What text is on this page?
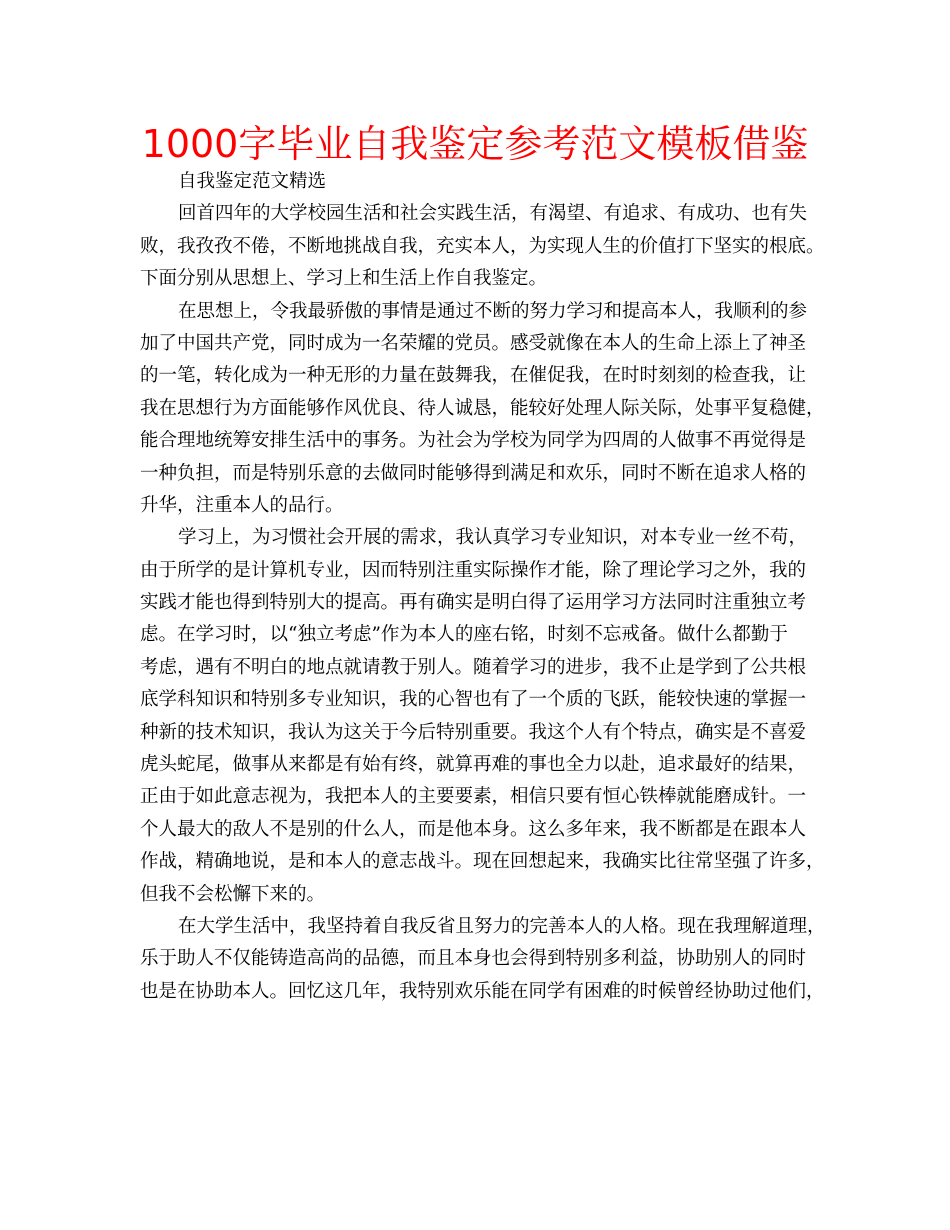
1000字毕业自我鉴定参考范文模板借鉴
自我鉴定范文精选
回首四年的大学校园生活和社会实践生活，有渴望、有追求、有成功、也有失
败，我孜孜不倦，不断地挑战自我，充实本人，为实现人生的价值打下坚实的根底。
下面分别从思想上、学习上和生活上作自我鉴定。
在思想上，令我最骄傲的事情是通过不断的努力学习和提高本人，我顺利的参
加了中国共产党，同时成为一名荣耀的党员。感受就像在本人的生命上添上了神圣
的一笔，转化成为一种无形的力量在鼓舞我，在催促我，在时时刻刻的检查我，让
我在思想行为方面能够作风优良、待人诚恳，能较好处理人际关际，处事平复稳健，
能合理地统筹安排生活中的事务。为社会为学校为同学为四周的人做事不再觉得是
一种负担，而是特别乐意的去做同时能够得到满足和欢乐，同时不断在追求人格的
升华，注重本人的品行。
学习上，为习惯社会开展的需求，我认真学习专业知识，对本专业一丝不苟，
由于所学的是计算机专业，因而特别注重实际操作才能，除了理论学习之外，我的
实践才能也得到特别大的提高。再有确实是明白得了运用学习方法同时注重独立考
虑。在学习时，以“独立考虑”作为本人的座右铭，时刻不忘戒备。做什么都勤于
考虑，遇有不明白的地点就请教于别人。随着学习的进步，我不止是学到了公共根
底学科知识和特别多专业知识，我的心智也有了一个质的飞跃，能较快速的掌握一
种新的技术知识，我认为这关于今后特别重要。我这个人有个特点，确实是不喜爱
虎头蛇尾，做事从来都是有始有终，就算再难的事也全力以赴，追求最好的结果，
正由于如此意志视为，我把本人的主要要素，相信只要有恒心铁棒就能磨成针。一
个人最大的敌人不是别的什么人，而是他本身。这么多年来，我不断都是在跟本人
作战，精确地说，是和本人的意志战斗。现在回想起来，我确实比往常坚强了许多，
但我不会松懈下来的。
在大学生活中，我坚持着自我反省且努力的完善本人的人格。现在我理解道理，
乐于助人不仅能铸造高尚的品德，而且本身也会得到特别多利益，协助别人的同时
也是在协助本人。回忆这几年，我特别欢乐能在同学有困难的时候曾经协助过他们，
